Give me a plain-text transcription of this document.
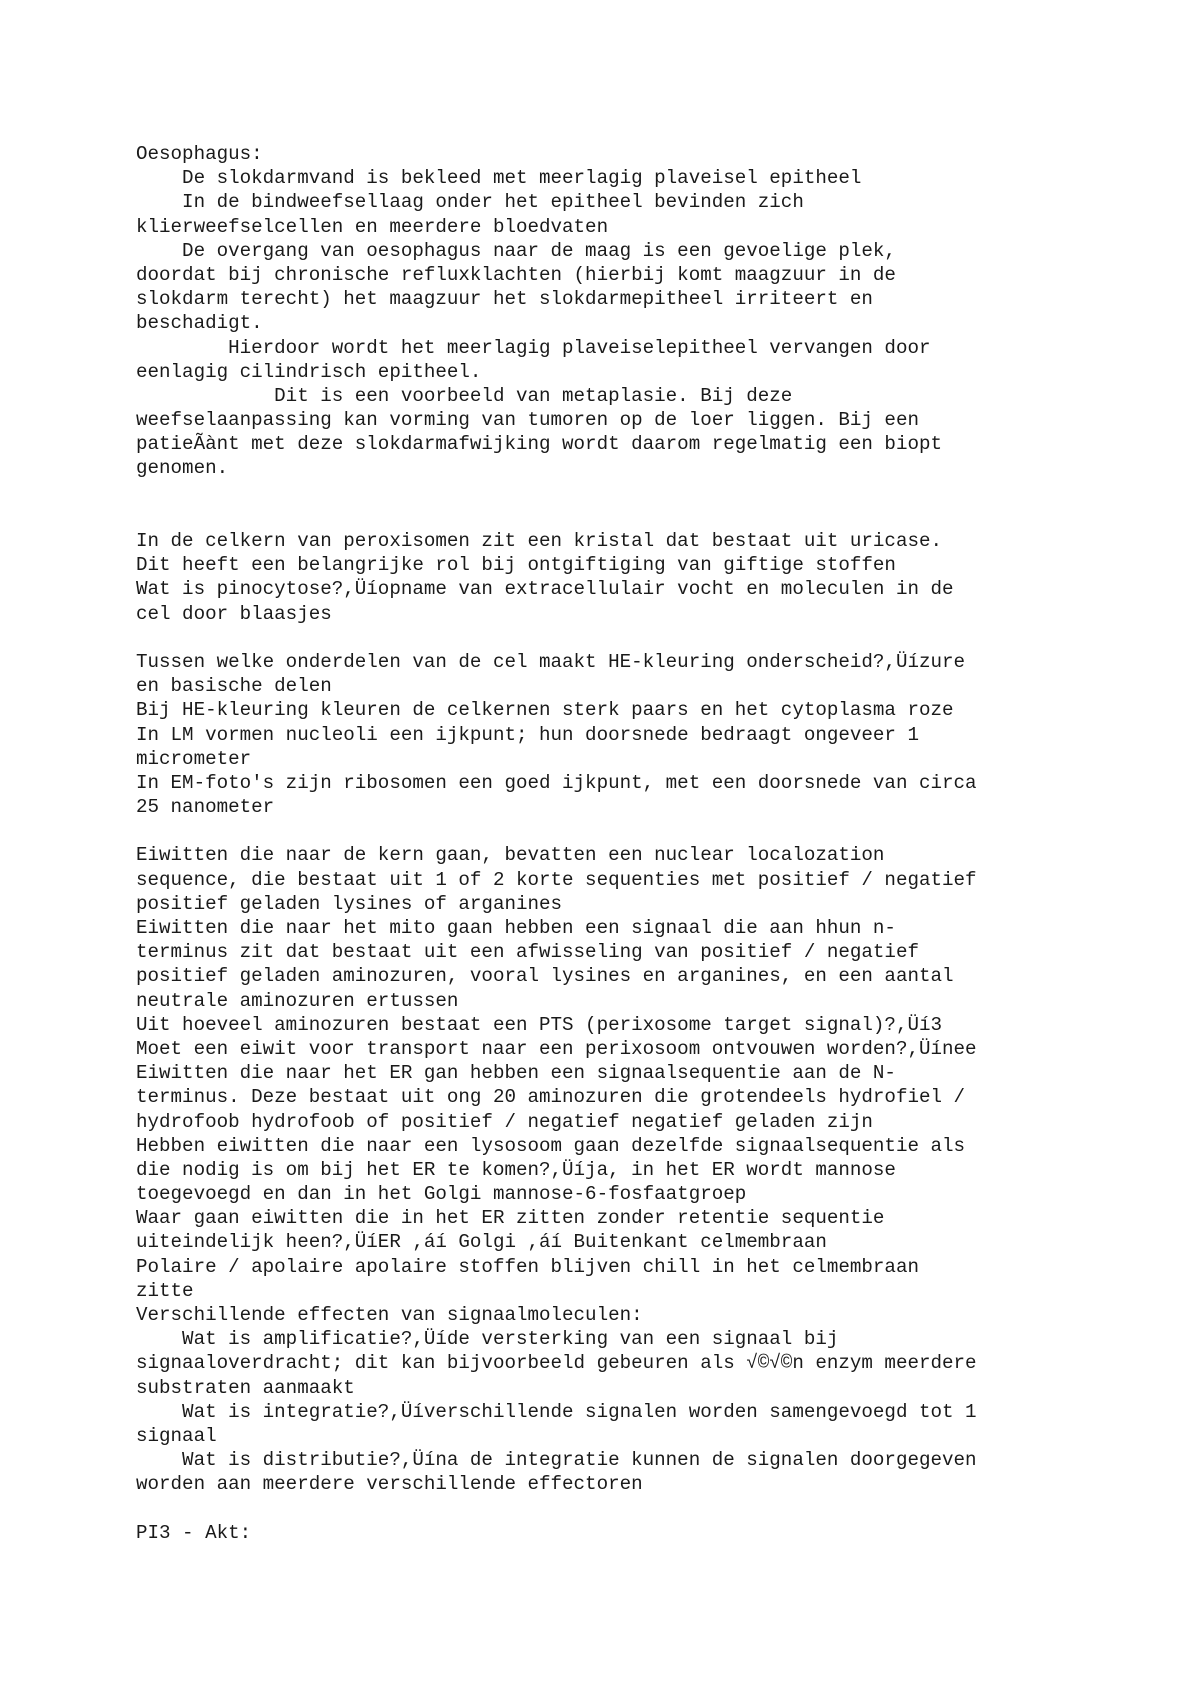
Oesophagus:
De slokdarmvand is bekleed met meerlagig plaveisel epitheel
In de bindweefsellaag onder het epitheel bevinden zich
klierweefselcellen en meerdere bloedvaten
De overgang van oesophagus naar de maag is een gevoelige plek,
doordat bij chronische refluxklachten (hierbij komt maagzuur in de
slokdarm terecht) het maagzuur het slokdarmepitheel irriteert en
beschadigt.
Hierdoor wordt het meerlagig plaveiselepitheel vervangen door
eenlagig cilindrisch epitheel.
Dit is een voorbeeld van metaplasie. Bij deze
weefselaanpassing kan vorming van tumoren op de loer liggen. Bij een
patieÃànt met deze slokdarmafwijking wordt daarom regelmatig een biopt
genomen.
In de celkern van peroxisomen zit een kristal dat bestaat uit uricase.
Dit heeft een belangrijke rol bij ontgiftiging van giftige stoffen
Wat is pinocytose?,Üíopname van extracellulair vocht en moleculen in de
cel door blaasjes
Tussen welke onderdelen van de cel maakt HE-kleuring onderscheid?,Üízure
en basische delen
Bij HE-kleuring kleuren de celkernen sterk paars en het cytoplasma roze
In LM vormen nucleoli een ijkpunt; hun doorsnede bedraagt ongeveer 1
micrometer
In EM-foto's zijn ribosomen een goed ijkpunt, met een doorsnede van circa
25 nanometer
Eiwitten die naar de kern gaan, bevatten een nuclear localozation
sequence, die bestaat uit 1 of 2 korte sequenties met positief / negatief
positief geladen lysines of arganines
Eiwitten die naar het mito gaan hebben een signaal die aan hhun n-
terminus zit dat bestaat uit een afwisseling van positief / negatief
positief geladen aminozuren, vooral lysines en arganines, en een aantal
neutrale aminozuren ertussen
Uit hoeveel aminozuren bestaat een PTS (perixosome target signal)?,Üí3
Moet een eiwit voor transport naar een perixosoom ontvouwen worden?,Üínee
Eiwitten die naar het ER gan hebben een signaalsequentie aan de N-
terminus. Deze bestaat uit ong 20 aminozuren die grotendeels hydrofiel /
hydrofoob hydrofoob of positief / negatief negatief geladen zijn
Hebben eiwitten die naar een lysosoom gaan dezelfde signaalsequentie als
die nodig is om bij het ER te komen?,Üíja, in het ER wordt mannose
toegevoegd en dan in het Golgi mannose-6-fosfaatgroep
Waar gaan eiwitten die in het ER zitten zonder retentie sequentie
uiteindelijk heen?,ÜíER ,áí Golgi ,áí Buitenkant celmembraan
Polaire / apolaire apolaire stoffen blijven chill in het celmembraan
zitte
Verschillende effecten van signaalmoleculen:
Wat is amplificatie?,Üíde versterking van een signaal bij
signaaloverdracht; dit kan bijvoorbeeld gebeuren als √©√©n enzym meerdere
substraten aanmaakt
Wat is integratie?,Üíverschillende signalen worden samengevoegd tot 1
signaal
Wat is distributie?,Üína de integratie kunnen de signalen doorgegeven
worden aan meerdere verschillende effectoren
PI3 - Akt:
